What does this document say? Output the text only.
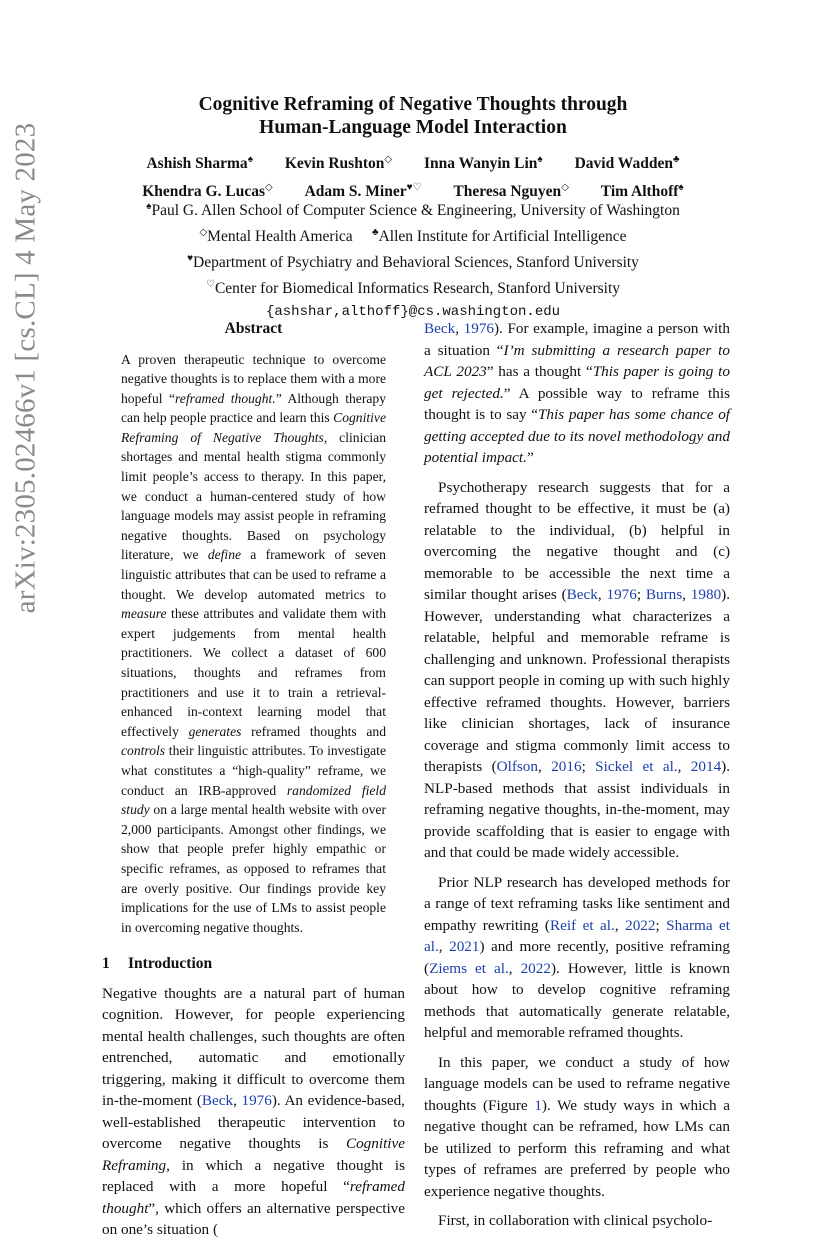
arXiv:2305.02466v1 [cs.CL] 4 May 2023
Cognitive Reframing of Negative Thoughts through
Human-Language Model Interaction
Ashish Sharma♠ Kevin Rushton◇ Inna Wanyin Lin♠ David Wadden♣
Khendra G. Lucas◇ Adam S. Miner♥♡ Theresa Nguyen◇ Tim Althoff♠
♠Paul G. Allen School of Computer Science & Engineering, University of Washington
◇Mental Health America ♣Allen Institute for Artificial Intelligence
♥Department of Psychiatry and Behavioral Sciences, Stanford University
♡Center for Biomedical Informatics Research, Stanford University
{ashshar,althoff}@cs.washington.edu
Abstract
A proven therapeutic technique to overcome negative thoughts is to replace them with a more hopeful “reframed thought.” Although therapy can help people practice and learn this Cognitive Reframing of Negative Thoughts, clinician shortages and mental health stigma commonly limit people’s access to therapy. In this paper, we conduct a human-centered study of how language models may assist people in reframing negative thoughts. Based on psychology literature, we define a framework of seven linguistic attributes that can be used to reframe a thought. We develop automated metrics to measure these attributes and validate them with expert judgements from mental health practitioners. We collect a dataset of 600 situations, thoughts and reframes from practitioners and use it to train a retrieval-enhanced in-context learning model that effectively generates reframed thoughts and controls their linguistic attributes. To investigate what constitutes a “high-quality” reframe, we conduct an IRB-approved randomized field study on a large mental health website with over 2,000 participants. Amongst other findings, we show that people prefer highly empathic or specific reframes, as opposed to reframes that are overly positive. Our findings provide key implications for the use of LMs to assist people in overcoming negative thoughts.
1 Introduction

Negative thoughts are a natural part of human cognition. However, for people experiencing mental health challenges, such thoughts are often entrenched, automatic and emotionally triggering, making it difficult to overcome them in-the-moment (Beck, 1976). An evidence-based, well-established therapeutic intervention to overcome negative thoughts is Cognitive Reframing, in which a negative thought is replaced with a more hopeful “reframed thought”, which offers an alternative perspective on one’s situation (

Beck, 1976). For example, imagine a person with a situation “I’m submitting a research paper to ACL 2023” has a thought “This paper is going to get rejected.” A possible way to reframe this thought is to say “This paper has some chance of getting accepted due to its novel methodology and potential impact.”

Psychotherapy research suggests that for a reframed thought to be effective, it must be (a) relatable to the individual, (b) helpful in overcoming the negative thought and (c) memorable to be accessible the next time a similar thought arises (Beck, 1976; Burns, 1980). However, understanding what characterizes a relatable, helpful and memorable reframe is challenging and unknown. Professional therapists can support people in coming up with such highly effective reframed thoughts. However, barriers like clinician shortages, lack of insurance coverage and stigma commonly limit access to therapists (Olfson, 2016; Sickel et al., 2014). NLP-based methods that assist individuals in reframing negative thoughts, in-the-moment, may provide scaffolding that is easier to engage with and that could be made widely accessible.

Prior NLP research has developed methods for a range of text reframing tasks like sentiment and empathy rewriting (Reif et al., 2022; Sharma et al., 2021) and more recently, positive reframing (Ziems et al., 2022). However, little is known about how to develop cognitive reframing methods that automatically generate relatable, helpful and memorable reframed thoughts.

In this paper, we conduct a study of how language models can be used to reframe negative thoughts (Figure 1). We study ways in which a negative thought can be reframed, how LMs can be utilized to perform this reframing and what types of reframes are preferred by people who experience negative thoughts.

First, in collaboration with clinical psycholo-
